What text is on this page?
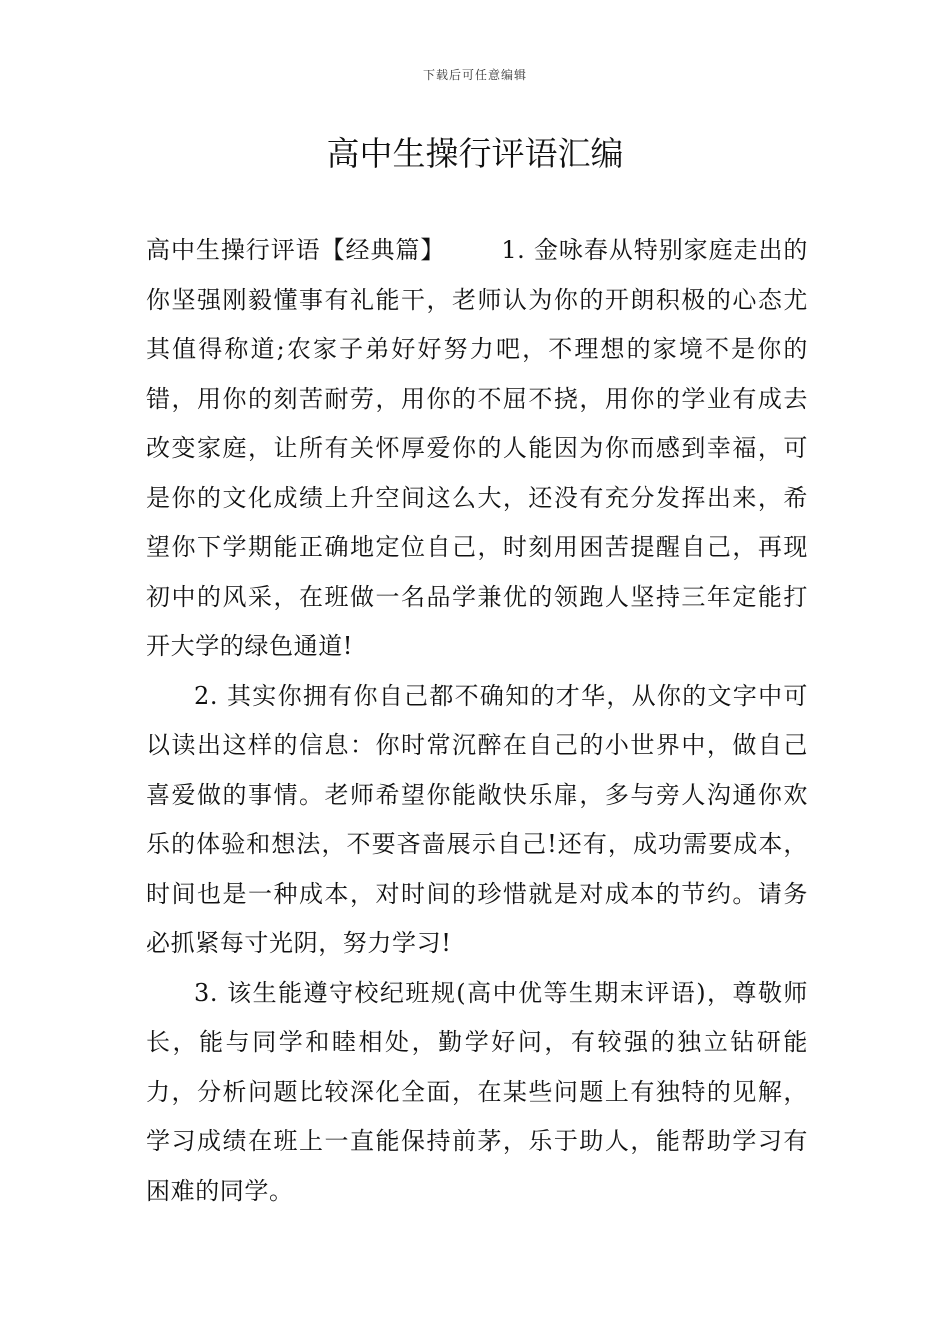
下载后可任意编辑
高中生操行评语汇编

高中生操行评语【经典篇】 1. 金咏春从特别家庭走出的你坚强刚毅懂事有礼能干，老师认为你的开朗积极的心态尤其值得称道;农家子弟好好努力吧，不理想的家境不是你的错，用你的刻苦耐劳，用你的不屈不挠，用你的学业有成去改变家庭，让所有关怀厚爱你的人能因为你而感到幸福，可是你的文化成绩上升空间这么大，还没有充分发挥出来，希望你下学期能正确地定位自己，时刻用困苦提醒自己，再现初中的风采，在班做一名品学兼优的领跑人坚持三年定能打开大学的绿色通道!

2. 其实你拥有你自己都不确知的才华，从你的文字中可以读出这样的信息：你时常沉醉在自己的小世界中，做自己喜爱做的事情。老师希望你能敞快乐扉，多与旁人沟通你欢乐的体验和想法，不要吝啬展示自己!还有，成功需要成本，时间也是一种成本，对时间的珍惜就是对成本的节约。请务必抓紧每寸光阴，努力学习!

3. 该生能遵守校纪班规(高中优等生期末评语)，尊敬师长，能与同学和睦相处，勤学好问，有较强的独立钻研能力，分析问题比较深化全面，在某些问题上有独特的见解，学习成绩在班上一直能保持前茅，乐于助人，能帮助学习有困难的同学。
